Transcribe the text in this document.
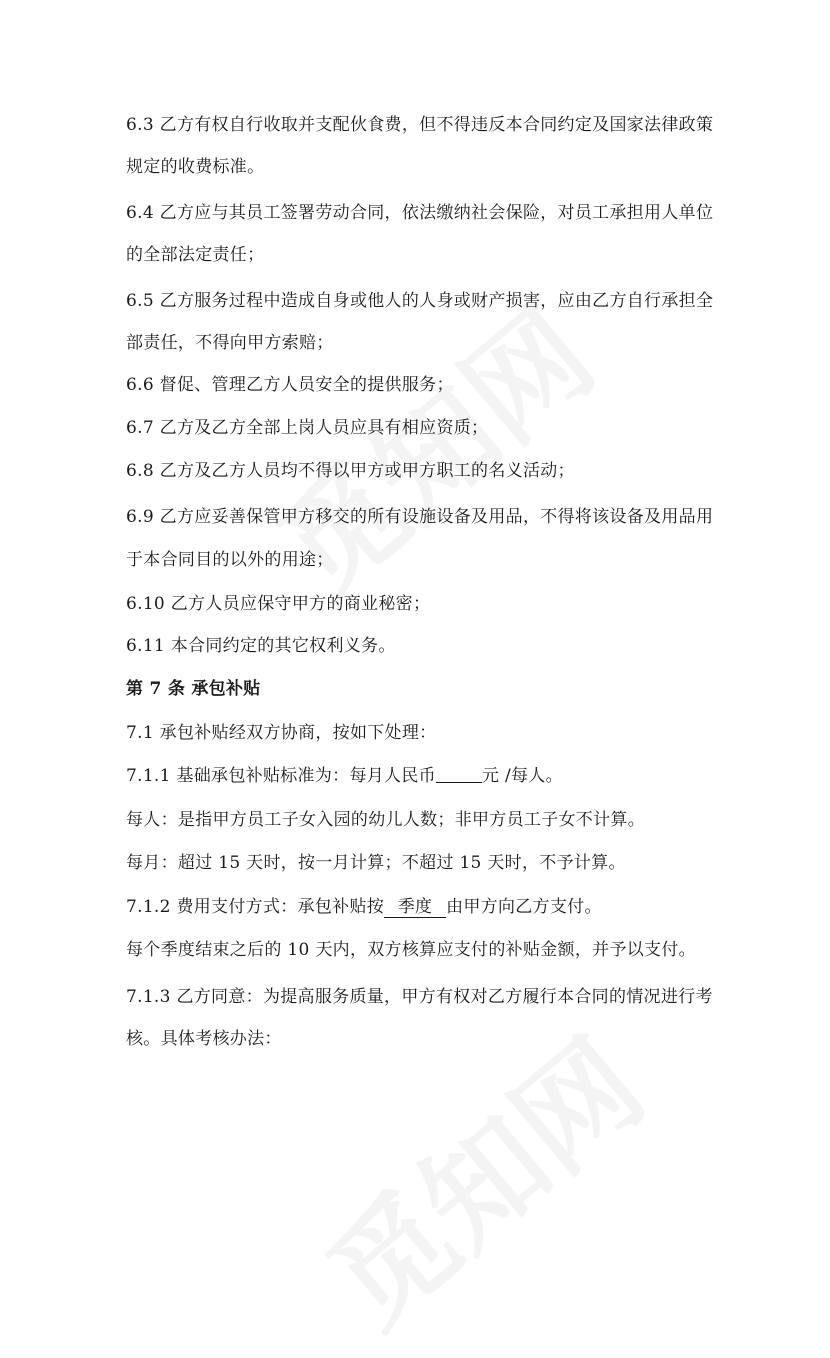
6.3 乙方有权自行收取并支配伙食费，但不得违反本合同约定及国家法律政策

规定的收费标准。

6.4 乙方应与其员工签署劳动合同，依法缴纳社会保险，对员工承担用人单位

的全部法定责任；

6.5 乙方服务过程中造成自身或他人的人身或财产损害，应由乙方自行承担全

部责任，不得向甲方索赔；

6.6 督促、管理乙方人员安全的提供服务；

6.7 乙方及乙方全部上岗人员应具有相应资质；

6.8 乙方及乙方人员均不得以甲方或甲方职工的名义活动；

6.9 乙方应妥善保管甲方移交的所有设施设备及用品，不得将该设备及用品用

于本合同目的以外的用途；

6.10 乙方人员应保守甲方的商业秘密；

6.11 本合同约定的其它权利义务。

第 7 条 承包补贴

7.1 承包补贴经双方协商，按如下处理：

7.1.1 基础承包补贴标准为：每月人民币	元 /每人。

每人：是指甲方员工子女入园的幼儿人数；非甲方员工子女不计算。

每月：超过 15 天时，按一月计算；不超过 15 天时，不予计算。

7.1.2 费用支付方式：承包补贴按 季度 由甲方向乙方支付。

每个季度结束之后的 10 天内，双方核算应支付的补贴金额，并予以支付。

7.1.3 乙方同意：为提高服务质量，甲方有权对乙方履行本合同的情况进行考

核。具体考核办法：
